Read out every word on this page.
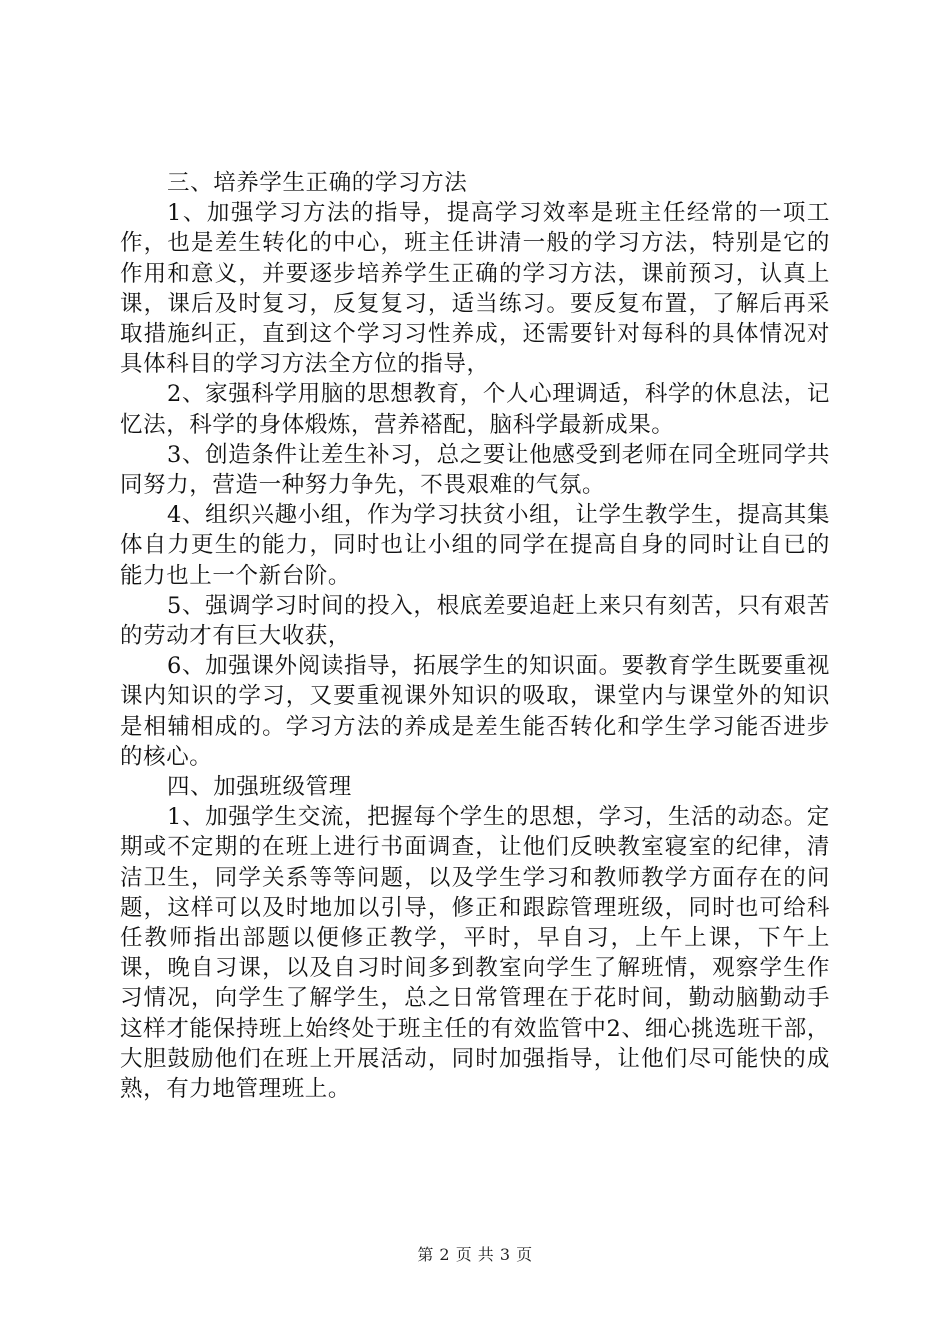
三、培养学生正确的学习方法

1、加强学习方法的指导，提高学习效率是班主任经常的一项工作，也是差生转化的中心，班主任讲清一般的学习方法，特别是它的作用和意义，并要逐步培养学生正确的学习方法，课前预习，认真上课，课后及时复习，反复复习，适当练习。要反复布置，了解后再采取措施纠正，直到这个学习习性养成，还需要针对每科的具体情况对具体科目的学习方法全方位的指导，

2、家强科学用脑的思想教育，个人心理调适，科学的休息法，记忆法，科学的身体煅炼，营养褡配，脑科学最新成果。

3、创造条件让差生补习，总之要让他感受到老师在同全班同学共同努力，营造一种努力争先，不畏艰难的气氛。

4、组织兴趣小组，作为学习扶贫小组，让学生教学生，提高其集体自力更生的能力，同时也让小组的同学在提高自身的同时让自已的能力也上一个新台阶。

5、强调学习时间的投入，根底差要追赶上来只有刻苦，只有艰苦的劳动才有巨大收获，

6、加强课外阅读指导，拓展学生的知识面。要教育学生既要重视课内知识的学习，又要重视课外知识的吸取，课堂内与课堂外的知识是相辅相成的。学习方法的养成是差生能否转化和学生学习能否进步的核心。

四、加强班级管理

1、加强学生交流，把握每个学生的思想，学习，生活的动态。定期或不定期的在班上进行书面调查，让他们反映教室寝室的纪律，清洁卫生，同学关系等等问题，以及学生学习和教师教学方面存在的问题，这样可以及时地加以引导，修正和跟踪管理班级，同时也可给科任教师指出部题以便修正教学，平时，早自习，上午上课，下午上课，晚自习课，以及自习时间多到教室向学生了解班情，观察学生作习情况，向学生了解学生，总之日常管理在于花时间，勤动脑勤动手这样才能保持班上始终处于班主任的有效监管中2、细心挑选班干部，大胆鼓励他们在班上开展活动，同时加强指导，让他们尽可能快的成熟，有力地管理班上。

第 2 页 共 3 页
